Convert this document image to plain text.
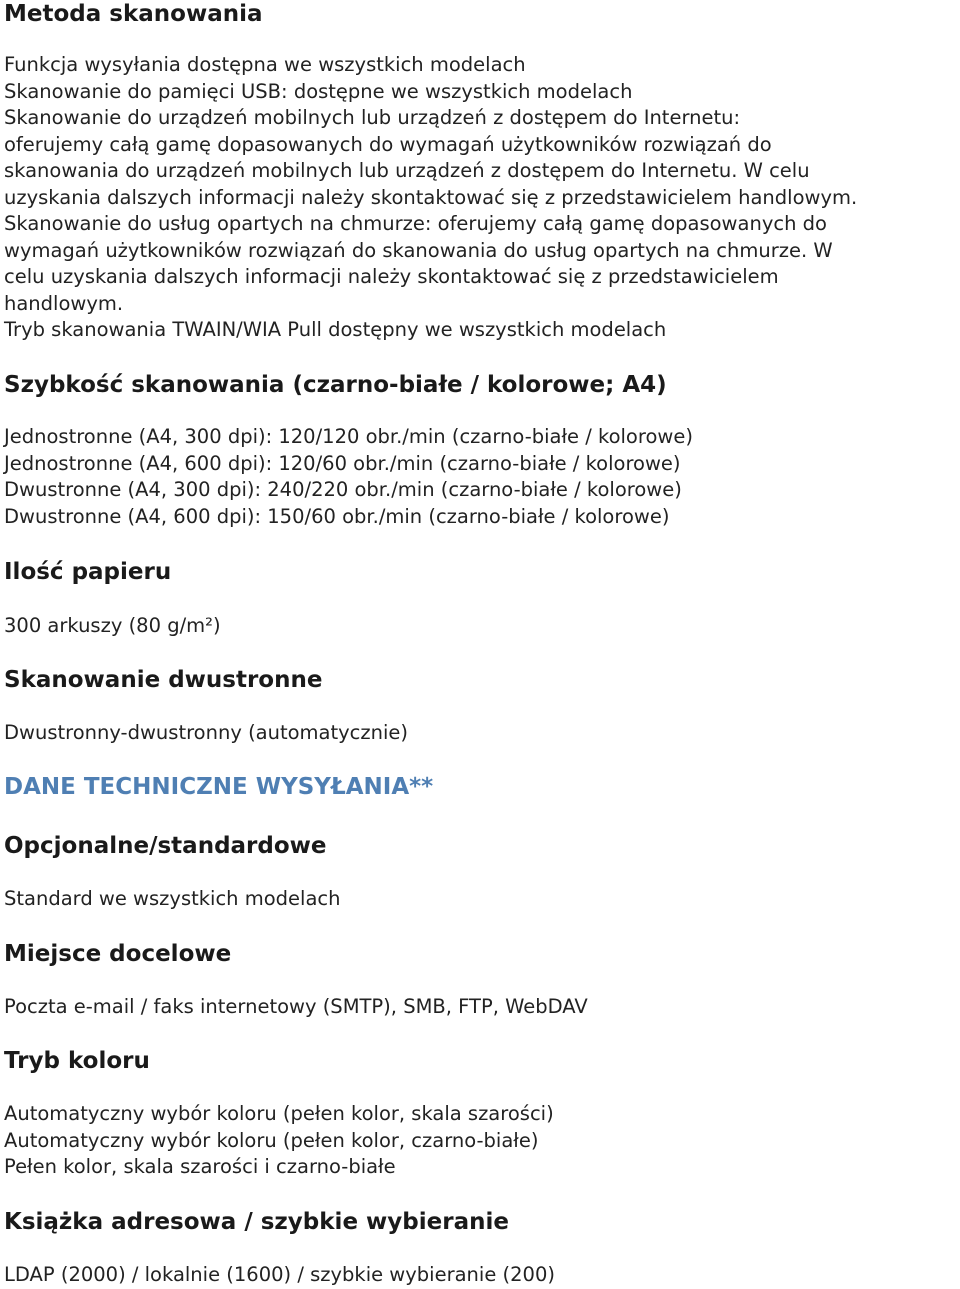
Metoda skanowania
Funkcja wysyłania dostępna we wszystkich modelach
Skanowanie do pamięci USB: dostępne we wszystkich modelach
Skanowanie do urządzeń mobilnych lub urządzeń z dostępem do Internetu:
oferujemy całą gamę dopasowanych do wymagań użytkowników rozwiązań do
skanowania do urządzeń mobilnych lub urządzeń z dostępem do Internetu. W celu
uzyskania dalszych informacji należy skontaktować się z przedstawicielem handlowym.
Skanowanie do usług opartych na chmurze: oferujemy całą gamę dopasowanych do
wymagań użytkowników rozwiązań do skanowania do usług opartych na chmurze. W
celu uzyskania dalszych informacji należy skontaktować się z przedstawicielem
handlowym.
Tryb skanowania TWAIN/WIA Pull dostępny we wszystkich modelach
Szybkość skanowania (czarno-białe / kolorowe; A4)
Jednostronne (A4, 300 dpi): 120/120 obr./min (czarno-białe / kolorowe)
Jednostronne (A4, 600 dpi): 120/60 obr./min (czarno-białe / kolorowe)
Dwustronne (A4, 300 dpi): 240/220 obr./min (czarno-białe / kolorowe)
Dwustronne (A4, 600 dpi): 150/60 obr./min (czarno-białe / kolorowe)
Ilość papieru
300 arkuszy (80 g/m²)
Skanowanie dwustronne
Dwustronny-dwustronny (automatycznie)
DANE TECHNICZNE WYSYŁANIA**
Opcjonalne/standardowe
Standard we wszystkich modelach
Miejsce docelowe
Poczta e-mail / faks internetowy (SMTP), SMB, FTP, WebDAV
Tryb koloru
Automatyczny wybór koloru (pełen kolor, skala szarości)
Automatyczny wybór koloru (pełen kolor, czarno-białe)
Pełen kolor, skala szarości i czarno-białe
Książka adresowa / szybkie wybieranie
LDAP (2000) / lokalnie (1600) / szybkie wybieranie (200)
